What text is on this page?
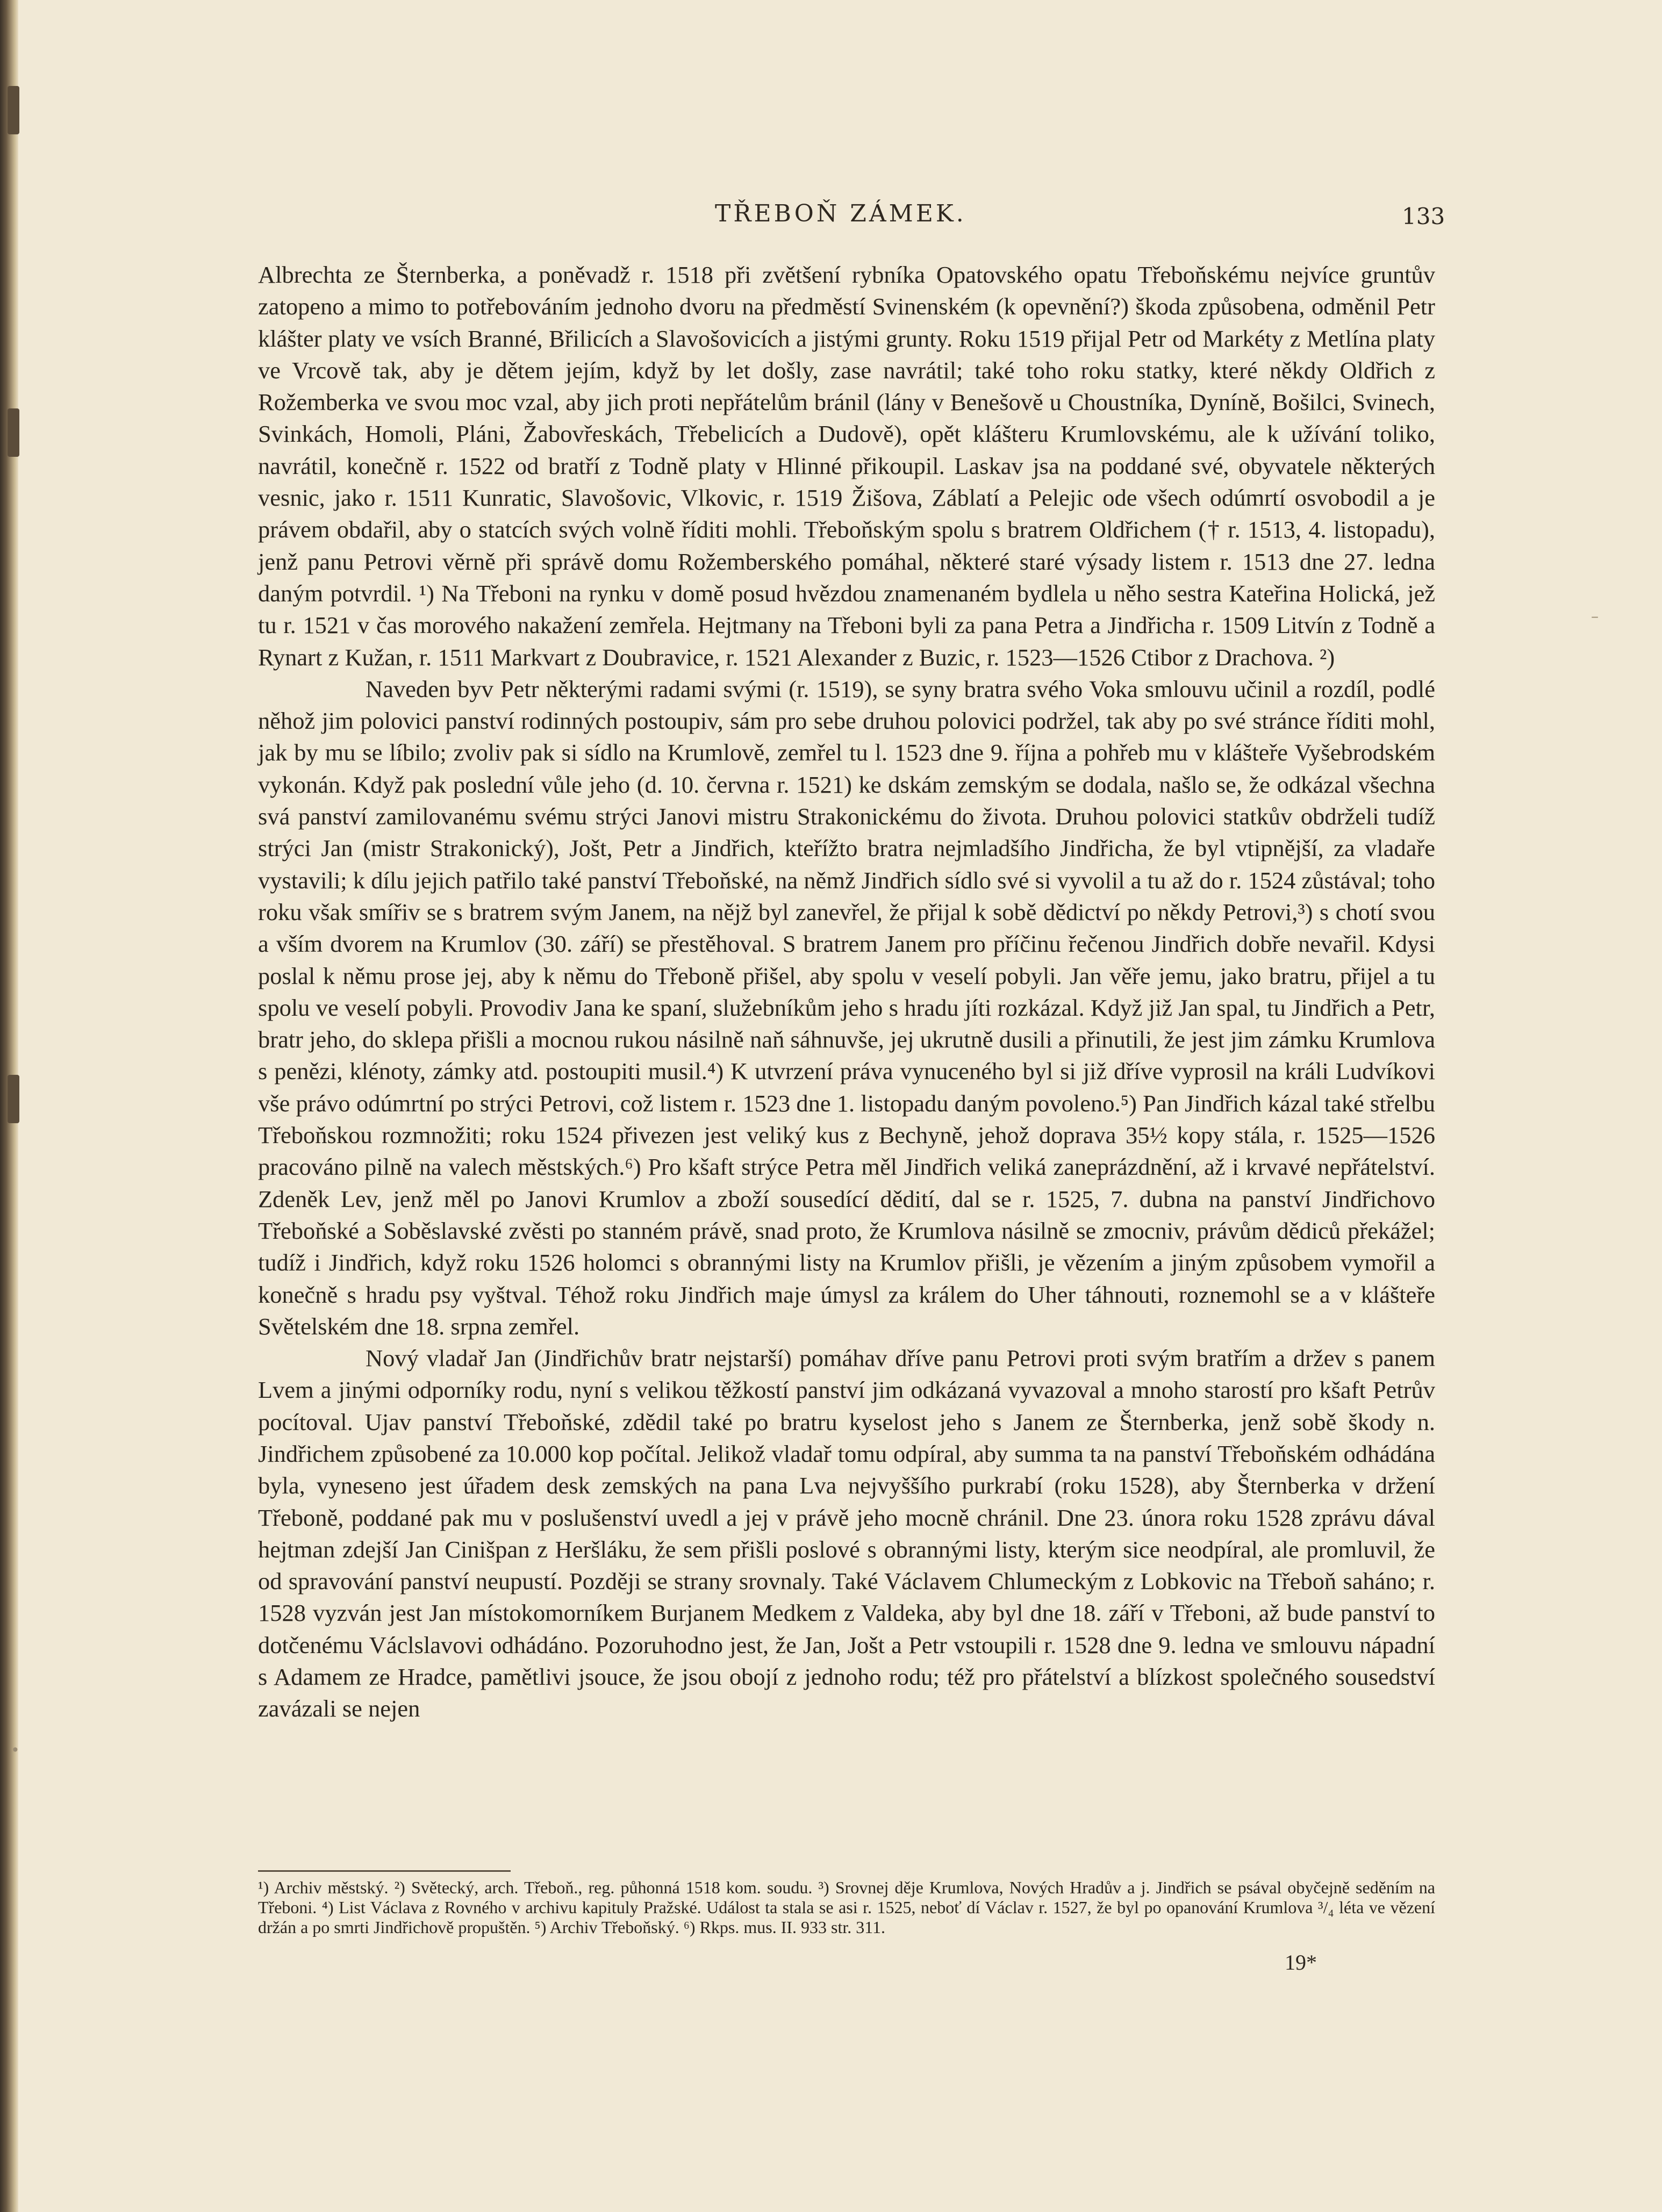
TŘEBOŇ ZÁMEK.	133

Albrechta ze Šternberka, a poněvadž r. 1518 při zvětšení rybníka Opatovského opatu Třeboňskému nejvíce gruntův zatopeno a mimo to potřebováním jednoho dvoru na předměstí Svinenském (k opevnění?) škoda způsobena, odměnil Petr klášter platy ve vsích Branné, Břilicích a Slavošovicích a jistými grunty. Roku 1519 přijal Petr od Markéty z Metlína platy ve Vrcově tak, aby je dětem jejím, když by let došly, zase navrátil; také toho roku statky, které někdy Oldřich z Rožemberka ve svou moc vzal, aby jich proti nepřátelům bránil (lány v Benešově u Choustníka, Dyníně, Bošilci, Svinech, Svinkách, Homoli, Pláni, Žabovřeskách, Třebelicích a Dudově), opět klášteru Krumlovskému, ale k užívání toliko, navrátil, konečně r. 1522 od bratří z Todně platy v Hlinné přikoupil. Laskav jsa na poddané své, obyvatele některých vesnic, jako r. 1511 Kunratic, Slavošovic, Vlkovic, r. 1519 Žišova, Záblatí a Pelejic ode všech odúmrtí osvobodil a je právem obdařil, aby o statcích svých volně říditi mohli. Třeboňským spolu s bratrem Oldřichem († r. 1513, 4. listopadu), jenž panu Petrovi věrně při správě domu Rožemberského pomáhal, některé staré výsady listem r. 1513 dne 27. ledna daným potvrdil. ¹) Na Třeboni na rynku v domě posud hvězdou znamenaném bydlela u něho sestra Kateřina Holická, jež tu r. 1521 v čas morového nakažení zemřela. Hejtmany na Třeboni byli za pana Petra a Jindřicha r. 1509 Litvín z Todně a Rynart z Kužan, r. 1511 Markvart z Doubravice, r. 1521 Alexander z Buzic, r. 1523—1526 Ctibor z Drachova. ²)

Naveden byv Petr některými radami svými (r. 1519), se syny bratra svého Voka smlouvu učinil a rozdíl, podlé něhož jim polovici panství rodinných postoupiv, sám pro sebe druhou polovici podržel, tak aby po své stránce říditi mohl, jak by mu se líbilo; zvoliv pak si sídlo na Krumlově, zemřel tu l. 1523 dne 9. října a pohřeb mu v klášteře Vyšebrodském vykonán. Když pak poslední vůle jeho (d. 10. června r. 1521) ke dskám zemským se dodala, našlo se, že odkázal všechna svá panství zamilovanému svému strýci Janovi mistru Strakonickému do života. Druhou polovici statkův obdrželi tudíž strýci Jan (mistr Strakonický), Jošt, Petr a Jindřich, kteřížto bratra nejmladšího Jindřicha, že byl vtipnější, za vladaře vystavili; k dílu jejich patřilo také panství Třeboňské, na němž Jindřich sídlo své si vyvolil a tu až do r. 1524 zůstával; toho roku však smířiv se s bratrem svým Janem, na nějž byl zanevřel, že přijal k sobě dědictví po někdy Petrovi,³) s chotí svou a vším dvorem na Krumlov (30. září) se přestěhoval. S bratrem Janem pro příčinu řečenou Jindřich dobře nevařil. Kdysi poslal k němu prose jej, aby k němu do Třeboně přišel, aby spolu v veselí pobyli. Jan věře jemu, jako bratru, přijel a tu spolu ve veselí pobyli. Provodiv Jana ke spaní, služebníkům jeho s hradu jíti rozkázal. Když již Jan spal, tu Jindřich a Petr, bratr jeho, do sklepa přišli a mocnou rukou násilně naň sáhnuvše, jej ukrutně dusili a přinutili, že jest jim zámku Krumlova s penězi, klénoty, zámky atd. postoupiti musil.⁴) K utvrzení práva vynuceného byl si již dříve vyprosil na králi Ludvíkovi vše právo odúmrtní po strýci Petrovi, což listem r. 1523 dne 1. listopadu daným povoleno.⁵) Pan Jindřich kázal také střelbu Třeboňskou rozmnožiti; roku 1524 přivezen jest veliký kus z Bechyně, jehož doprava 35½ kopy stála, r. 1525—1526 pracováno pilně na valech městských.⁶) Pro kšaft strýce Petra měl Jindřich veliká zaneprázdnění, až i krvavé nepřátelství. Zdeněk Lev, jenž měl po Janovi Krumlov a zboží sousedící dědití, dal se r. 1525, 7. dubna na panství Jindřichovo Třeboňské a Soběslavské zvěsti po stanném právě, snad proto, že Krumlova násilně se zmocniv, právům dědiců překážel; tudíž i Jindřich, když roku 1526 holomci s obrannými listy na Krumlov přišli, je vězením a jiným způsobem vymořil a konečně s hradu psy vyštval. Téhož roku Jindřich maje úmysl za králem do Uher táhnouti, roznemohl se a v klášteře Světelském dne 18. srpna zemřel.

Nový vladař Jan (Jindřichův bratr nejstarší) pomáhav dříve panu Petrovi proti svým bratřím a držev s panem Lvem a jinými odporníky rodu, nyní s velikou těžkostí panství jim odkázaná vyvazoval a mnoho starostí pro kšaft Petrův pocítoval. Ujav panství Třeboňské, zdědil také po bratru kyselost jeho s Janem ze Šternberka, jenž sobě škody n. Jindřichem způsobené za 10.000 kop počítal. Jelikož vladař tomu odpíral, aby summa ta na panství Třeboňském odhádána byla, vyneseno jest úřadem desk zemských na pana Lva nejvyššího purkrabí (roku 1528), aby Šternberka v držení Třeboně, poddané pak mu v poslušenství uvedl a jej v právě jeho mocně chránil. Dne 23. února roku 1528 zprávu dával hejtman zdejší Jan Cinišpan z Heršláku, že sem přišli poslové s obrannými listy, kterým sice neodpíral, ale promluvil, že od spravování panství neupustí. Později se strany srovnaly. Také Václavem Chlumeckým z Lobkovic na Třeboň saháno; r. 1528 vyzván jest Jan místokomorníkem Burjanem Medkem z Valdeka, aby byl dne 18. září v Třeboni, až bude panství to dotčenému Václslavovi odhádáno. Pozoruhodno jest, že Jan, Jošt a Petr vstoupili r. 1528 dne 9. ledna ve smlouvu nápadní s Adamem ze Hradce, pamětlivi jsouce, že jsou obojí z jednoho rodu; též pro přátelství a blízkost společného sousedství zavázali se nejen

¹) Archiv městský. ²) Světecký, arch. Třeboň., reg. půhonná 1518 kom. soudu. ³) Srovnej děje Krumlova, Nových Hradův a j. Jindřich se psával obyčejně seděním na Třeboni. ⁴) List Václava z Rovného v archivu kapituly Pražské. Událost ta stala se asi r. 1525, neboť dí Václav r. 1527, že byl po opanování Krumlova ³/₄ léta ve vězení držán a po smrti Jindřichově propuštěn. ⁵) Archiv Třeboňský. ⁶) Rkps. mus. II. 933 str. 311.
19*
–
•
